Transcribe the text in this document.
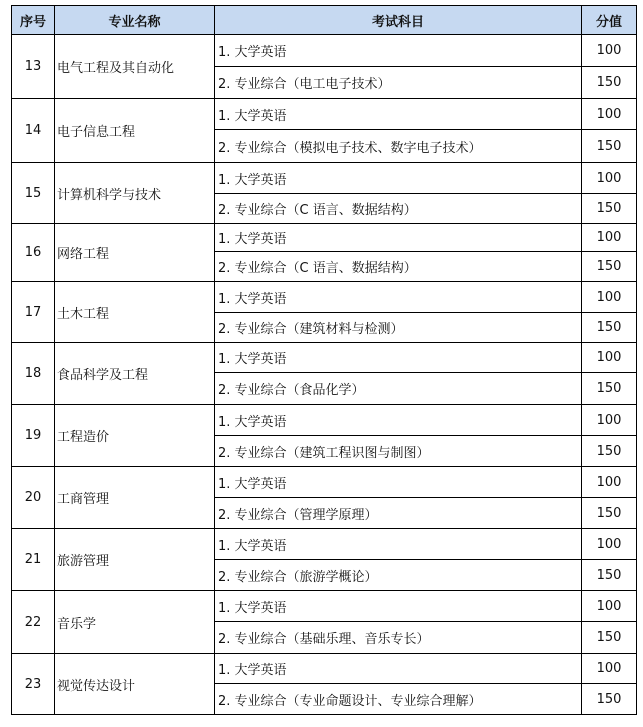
序号	专业名称	考试科目	分值
13	电气工程及其自动化	1. 大学英语	100
		2. 专业综合（电工电子技术）	150
14	电子信息工程	1. 大学英语	100
		2. 专业综合（模拟电子技术、数字电子技术）	150
15	计算机科学与技术	1. 大学英语	100
		2. 专业综合（C 语言、数据结构）	150
16	网络工程	1. 大学英语	100
		2. 专业综合（C 语言、数据结构）	150
17	土木工程	1. 大学英语	100
		2. 专业综合（建筑材料与检测）	150
18	食品科学及工程	1. 大学英语	100
		2. 专业综合（食品化学）	150
19	工程造价	1. 大学英语	100
		2. 专业综合（建筑工程识图与制图）	150
20	工商管理	1. 大学英语	100
		2. 专业综合（管理学原理）	150
21	旅游管理	1. 大学英语	100
		2. 专业综合（旅游学概论）	150
22	音乐学	1. 大学英语	100
		2. 专业综合（基础乐理、音乐专长）	150
23	视觉传达设计	1. 大学英语	100
		2. 专业综合（专业命题设计、专业综合理解）	150
